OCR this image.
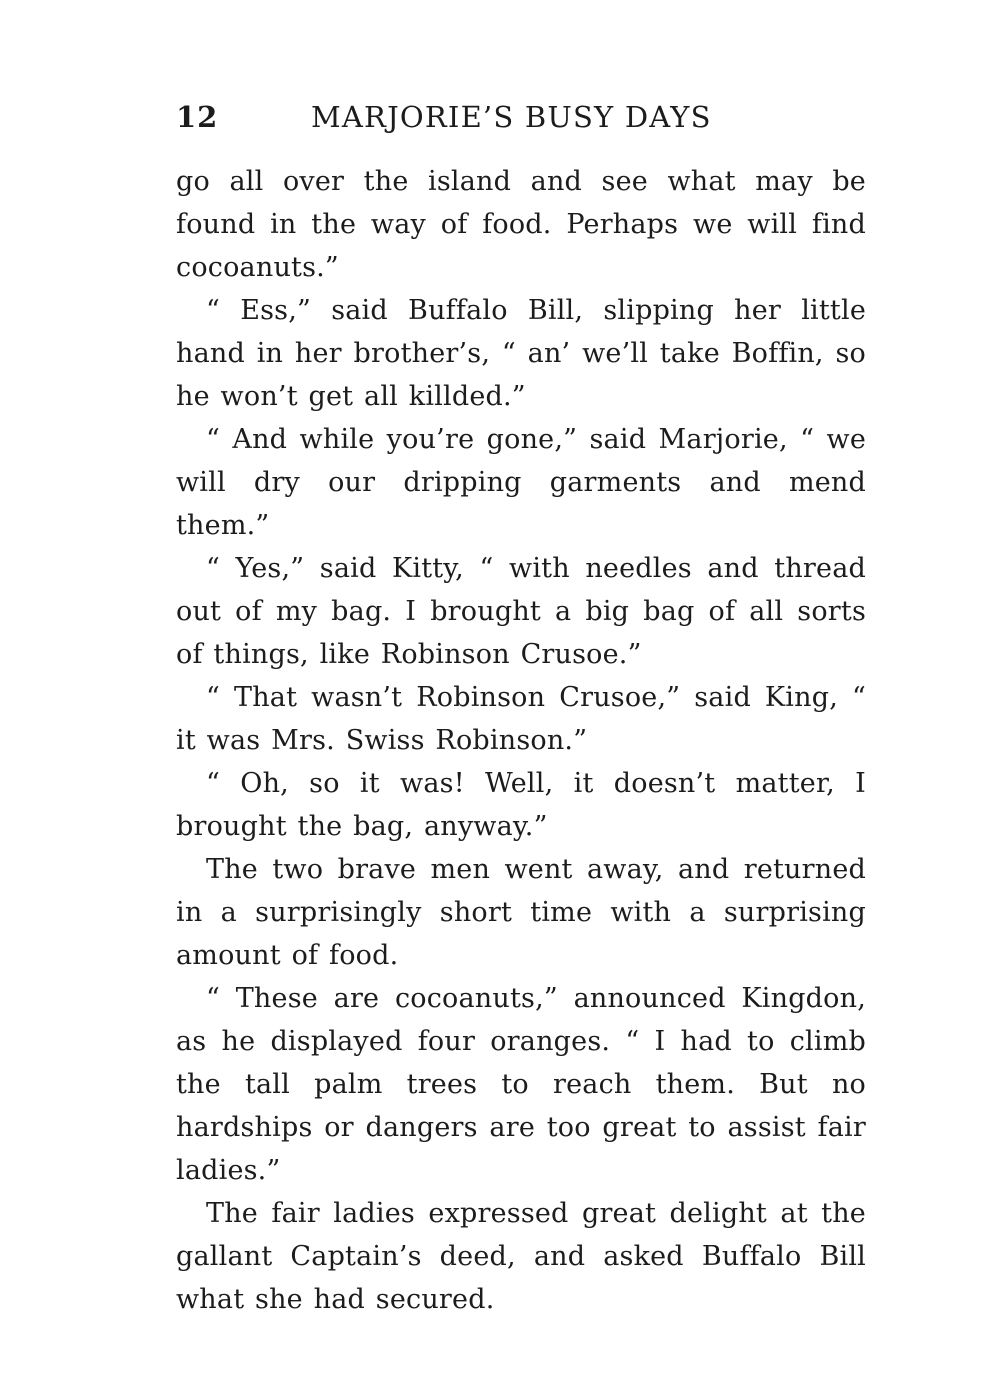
12	MARJORIE’S BUSY DAYS

go all over the island and see what may be found in the way of food. Perhaps we will find cocoanuts.”

“ Ess,” said Buffalo Bill, slipping her little hand in her brother’s, “ an’ we’ll take Boffin, so he won’t get all killded.”

“ And while you’re gone,” said Marjorie, “ we will dry our dripping garments and mend them.”

“ Yes,” said Kitty, “ with needles and thread out of my bag. I brought a big bag of all sorts of things, like Robinson Crusoe.”

“ That wasn’t Robinson Crusoe,” said King, “ it was Mrs. Swiss Robinson.”

“ Oh, so it was! Well, it doesn’t matter, I brought the bag, anyway.”

The two brave men went away, and returned in a surprisingly short time with a surprising amount of food.

“ These are cocoanuts,” announced Kingdon, as he displayed four oranges. “ I had to climb the tall palm trees to reach them. But no hardships or dangers are too great to assist fair ladies.”

The fair ladies expressed great delight at the gallant Captain’s deed, and asked Buffalo Bill what she had secured.
